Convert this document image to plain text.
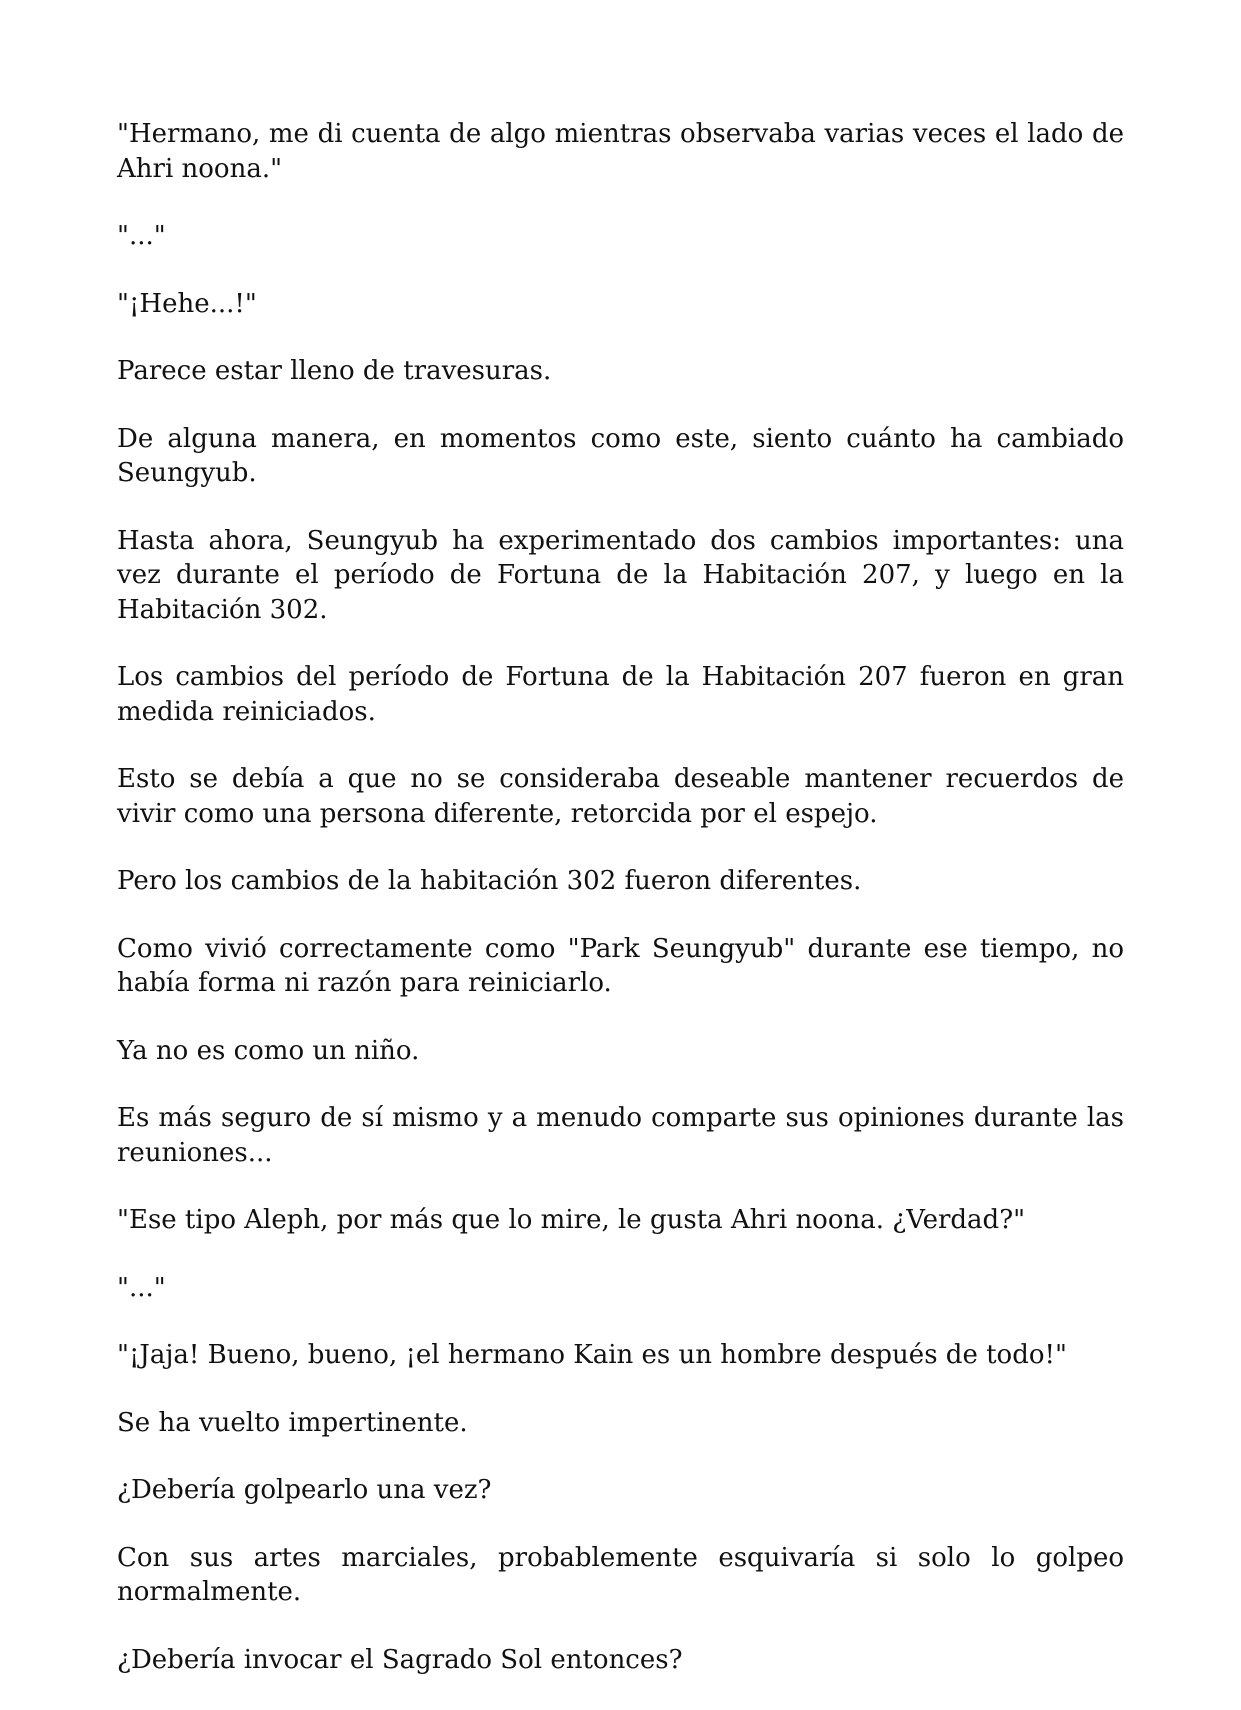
"Hermano, me di cuenta de algo mientras observaba varias veces el lado de Ahri noona."

"..."

"¡Hehe...!"

Parece estar lleno de travesuras.

De alguna manera, en momentos como este, siento cuánto ha cambiado Seungyub.

Hasta ahora, Seungyub ha experimentado dos cambios importantes: una vez durante el período de Fortuna de la Habitación 207, y luego en la Habitación 302.

Los cambios del período de Fortuna de la Habitación 207 fueron en gran medida reiniciados.

Esto se debía a que no se consideraba deseable mantener recuerdos de vivir como una persona diferente, retorcida por el espejo.

Pero los cambios de la habitación 302 fueron diferentes.

Como vivió correctamente como "Park Seungyub" durante ese tiempo, no había forma ni razón para reiniciarlo.

Ya no es como un niño.

Es más seguro de sí mismo y a menudo comparte sus opiniones durante las reuniones...

"Ese tipo Aleph, por más que lo mire, le gusta Ahri noona. ¿Verdad?"

"..."

"¡Jaja! Bueno, bueno, ¡el hermano Kain es un hombre después de todo!"

Se ha vuelto impertinente.

¿Debería golpearlo una vez?

Con sus artes marciales, probablemente esquivaría si solo lo golpeo normalmente.

¿Debería invocar el Sagrado Sol entonces?
